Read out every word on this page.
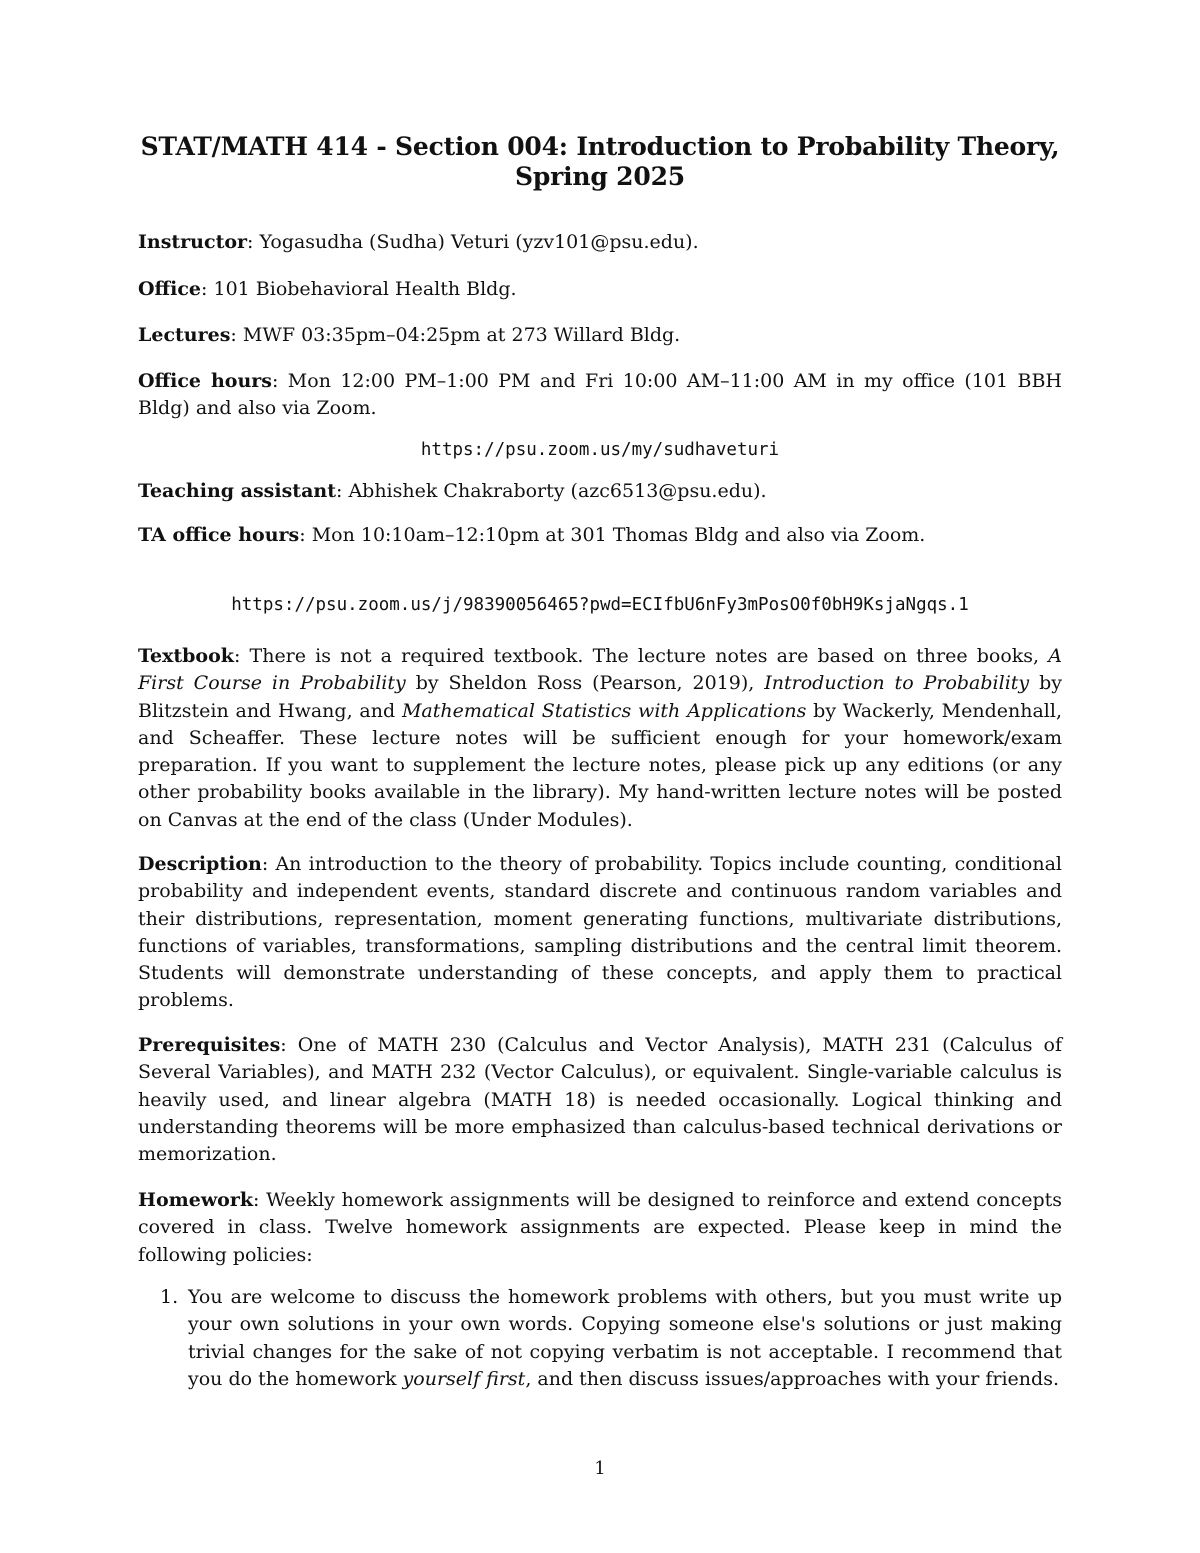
STAT/MATH 414 - Section 004: Introduction to Probability Theory, Spring 2025

Instructor: Yogasudha (Sudha) Veturi (yzv101@psu.edu).

Office: 101 Biobehavioral Health Bldg.

Lectures: MWF 03:35pm–04:25pm at 273 Willard Bldg.

Office hours: Mon 12:00 PM–1:00 PM and Fri 10:00 AM–11:00 AM in my office (101 BBH Bldg) and also via Zoom.

https://psu.zoom.us/my/sudhaveturi

Teaching assistant: Abhishek Chakraborty (azc6513@psu.edu).

TA office hours: Mon 10:10am–12:10pm at 301 Thomas Bldg and also via Zoom.

https://psu.zoom.us/j/98390056465?pwd=ECIfbU6nFy3mPosO0f0bH9KsjaNgqs.1

Textbook: There is not a required textbook. The lecture notes are based on three books, A First Course in Probability by Sheldon Ross (Pearson, 2019), Introduction to Probability by Blitzstein and Hwang, and Mathematical Statistics with Applications by Wackerly, Mendenhall, and Scheaffer. These lecture notes will be sufficient enough for your homework/exam preparation. If you want to supplement the lecture notes, please pick up any editions (or any other probability books available in the library). My hand-written lecture notes will be posted on Canvas at the end of the class (Under Modules).

Description: An introduction to the theory of probability. Topics include counting, conditional probability and independent events, standard discrete and continuous random variables and their distributions, representation, moment generating functions, multivariate distributions, functions of variables, transformations, sampling distributions and the central limit theorem. Students will demonstrate understanding of these concepts, and apply them to practical problems.

Prerequisites: One of MATH 230 (Calculus and Vector Analysis), MATH 231 (Calculus of Several Variables), and MATH 232 (Vector Calculus), or equivalent. Single-variable calculus is heavily used, and linear algebra (MATH 18) is needed occasionally. Logical thinking and understanding theorems will be more emphasized than calculus-based technical derivations or memorization.

Homework: Weekly homework assignments will be designed to reinforce and extend concepts covered in class. Twelve homework assignments are expected. Please keep in mind the following policies:

1. You are welcome to discuss the homework problems with others, but you must write up your own solutions in your own words. Copying someone else's solutions or just making trivial changes for the sake of not copying verbatim is not acceptable. I recommend that you do the homework yourself first, and then discuss issues/approaches with your friends.
1
